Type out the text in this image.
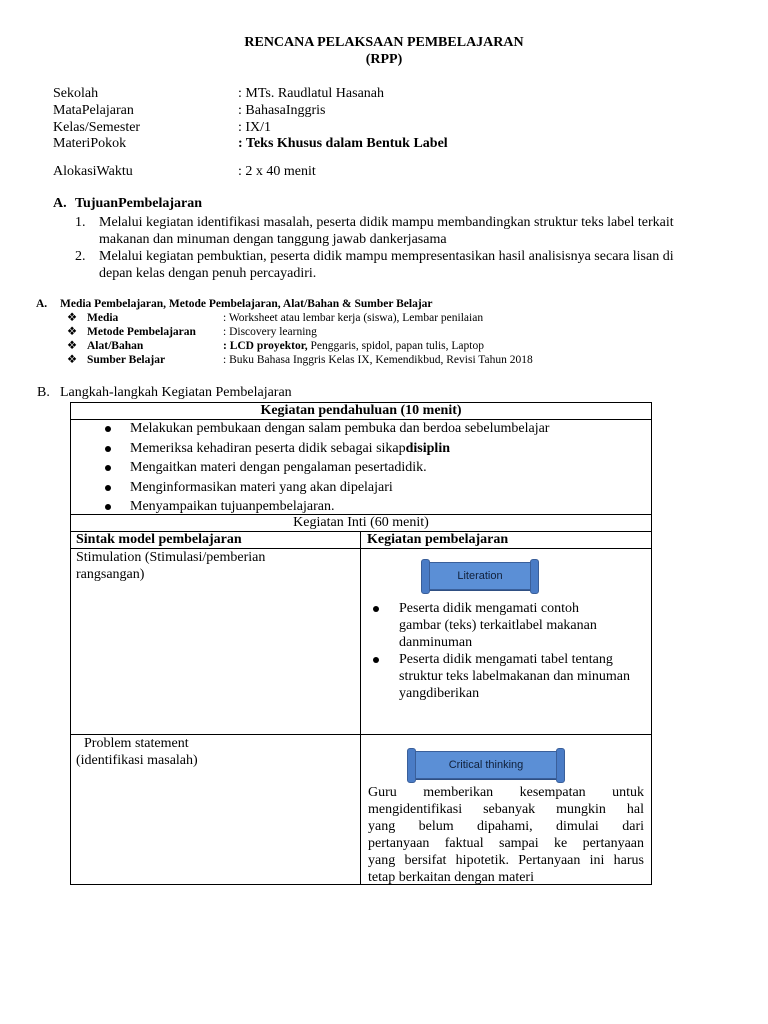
RENCANA PELAKSAAN PEMBELAJARAN
(RPP)
Sekolah	: MTs. Raudlatul Hasanah
MataPelajaran	: BahasaInggris
Kelas/Semester	: IX/1
MateriPokok	: Teks Khusus dalam Bentuk Label
AlokasiWaktu	: 2 x 40 menit
A. TujuanPembelajaran
1. Melalui kegiatan identifikasi masalah, peserta didik mampu membandingkan struktur teks label terkait makanan dan minuman dengan tanggung jawab dankerjasama
2. Melalui kegiatan pembuktian, peserta didik mampu mempresentasikan hasil analisisnya secara lisan di depan kelas dengan penuh percayadiri.
A. Media Pembelajaran, Metode Pembelajaran, Alat/Bahan & Sumber Belajar
❖ Media	: Worksheet atau lembar kerja (siswa), Lembar penilaian
❖ Metode Pembelajaran : Discovery learning
❖ Alat/Bahan	: LCD proyektor, Penggaris, spidol, papan tulis, Laptop
❖ Sumber Belajar	: Buku Bahasa Inggris Kelas IX, Kemendikbud, Revisi Tahun 2018
B. Langkah-langkah Kegiatan Pembelajaran
Kegiatan pendahuluan (10 menit)
Melakukan pembukaan dengan salam pembuka dan berdoa sebelumbelajar
Memeriksa kehadiran peserta didik sebagai sikapdisiplin
Mengaitkan materi dengan pengalaman pesertadidik.
Menginformasikan materi yang akan dipelajari
Menyampaikan tujuanpembelajaran.
Kegiatan Inti (60 menit)
Sintak model pembelajaran	Kegiatan pembelajaran
Stimulation (Stimulasi/pemberian
rangsangan)	Literation
Peserta didik mengamati contoh gambar (teks) terkaitlabel makanan danminuman
Peserta didik mengamati tabel tentang struktur teks labelmakanan dan minuman yangdiberikan
Problem statement
(identifikasi masalah)	Critical thinking
Guru memberikan kesempatan untuk
mengidentifikasi sebanyak mungkin hal
yang belum dipahami, dimulai dari
pertanyaan faktual sampai ke pertanyaan
yang bersifat hipotetik. Pertanyaan ini harus
tetap berkaitan dengan materi
